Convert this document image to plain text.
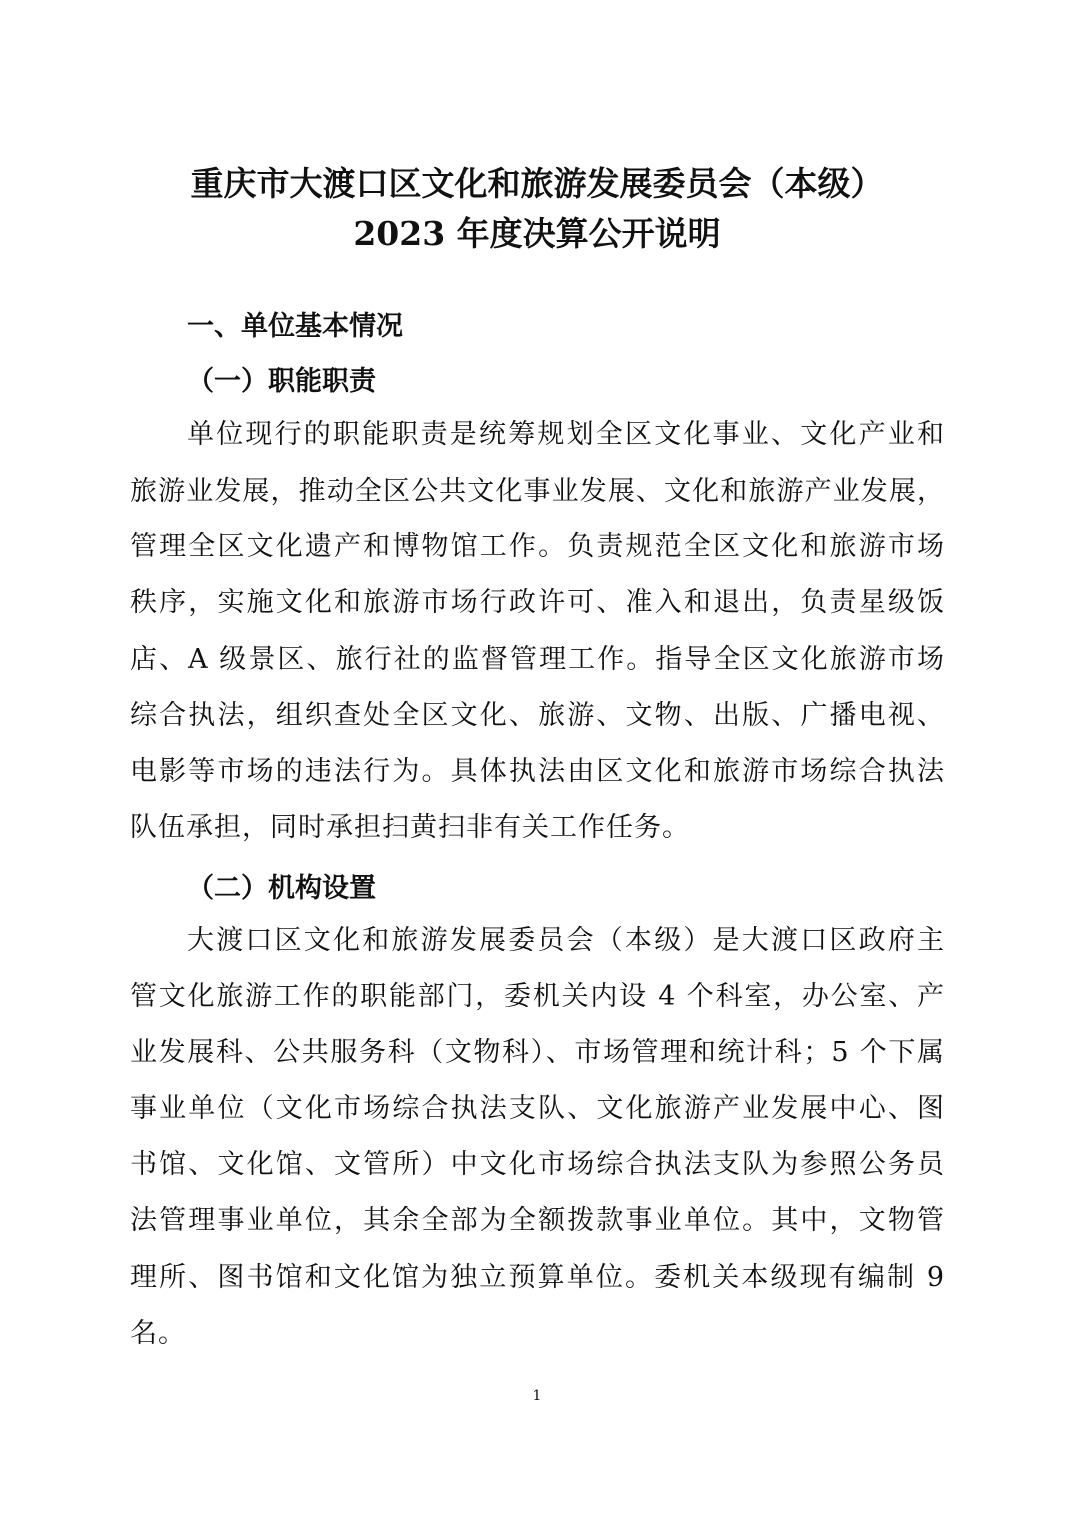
重庆市大渡口区文化和旅游发展委员会（本级）
2023 年度决算公开说明
一、单位基本情况
（一）职能职责
单位现行的职能职责是统筹规划全区文化事业、文化产业和
旅游业发展，推动全区公共文化事业发展、文化和旅游产业发展，
管理全区文化遗产和博物馆工作。负责规范全区文化和旅游市场
秩序，实施文化和旅游市场行政许可、准入和退出，负责星级饭
店、A 级景区、旅行社的监督管理工作。指导全区文化旅游市场
综合执法，组织查处全区文化、旅游、文物、出版、广播电视、
电影等市场的违法行为。具体执法由区文化和旅游市场综合执法
队伍承担，同时承担扫黄扫非有关工作任务。
（二）机构设置
大渡口区文化和旅游发展委员会（本级）是大渡口区政府主
管文化旅游工作的职能部门，委机关内设 4 个科室，办公室、产
业发展科、公共服务科（文物科）、市场管理和统计科；5 个下属
事业单位（文化市场综合执法支队、文化旅游产业发展中心、图
书馆、文化馆、文管所）中文化市场综合执法支队为参照公务员
法管理事业单位，其余全部为全额拨款事业单位。其中，文物管
理所、图书馆和文化馆为独立预算单位。委机关本级现有编制 9
名。
1
